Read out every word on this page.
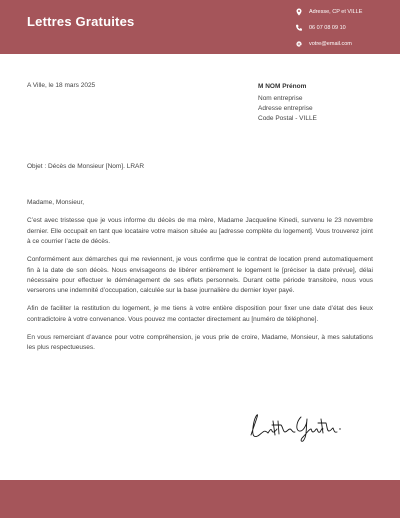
Lettres Gratuites
Adresse, CP et VILLE
06 07 08 09 10
votre@email.com
A Ville, le 18 mars 2025	M NOM Prénom
Nom entreprise
Adresse entreprise
Code Postal - VILLE
Objet : Décès de Monsieur [Nom]. LRAR

Madame, Monsieur,

C’est avec tristesse que je vous informe du décès de ma mère, Madame Jacqueline Kinedi, survenu le 23 novembre dernier. Elle occupait en tant que locataire votre maison située au [adresse complète du logement]. Vous trouverez joint à ce courrier l’acte de décès.

Conformément aux démarches qui me reviennent, je vous confirme que le contrat de location prend automatiquement fin à la date de son décès. Nous envisageons de libérer entièrement le logement le [préciser la date prévue], délai nécessaire pour effectuer le déménagement de ses effets personnels. Durant cette période transitoire, nous vous verserons une indemnité d’occupation, calculée sur la base journalière du dernier loyer payé.

Afin de faciliter la restitution du logement, je me tiens à votre entière disposition pour fixer une date d’état des lieux contradictoire à votre convenance. Vous pouvez me contacter directement au [numéro de téléphone].

En vous remerciant d’avance pour votre compréhension, je vous prie de croire, Madame, Monsieur, à mes salutations les plus respectueuses.
